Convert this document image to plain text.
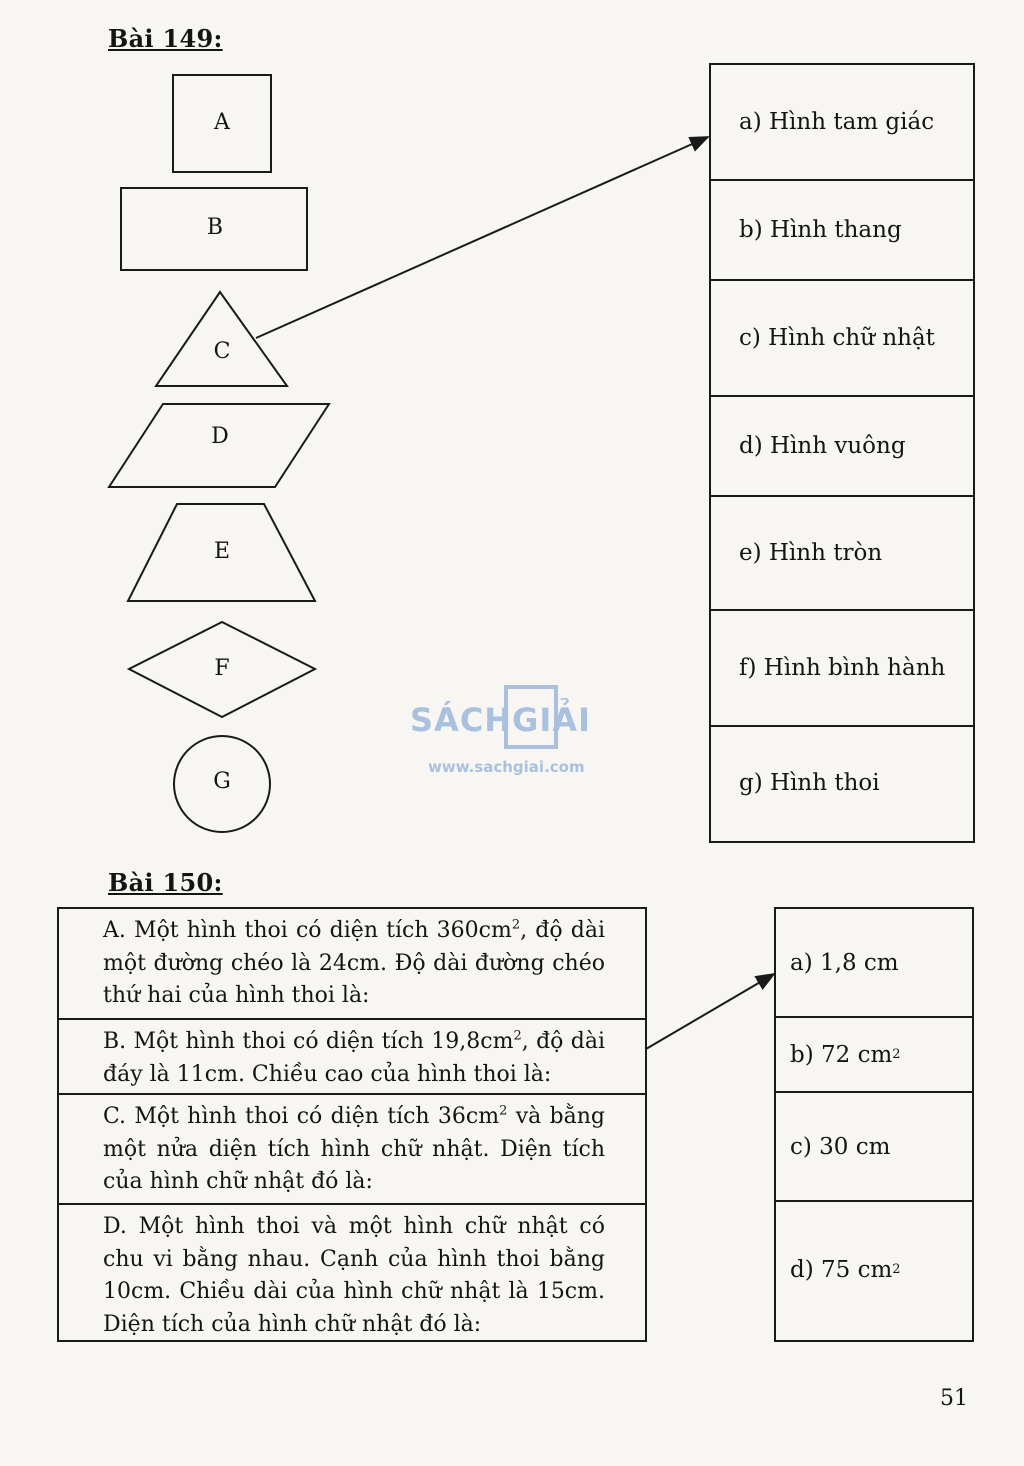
Bài 149:
Bài 150:
A
B
C
D
E
F
G
a) Hình tam giác
b) Hình thang
c) Hình chữ nhật
d) Hình vuông
e) Hình tròn
f) Hình bình hành
g) Hình thoi
A. Một hình thoi có diện tích $360cm^2$, độ dài một đường chéo là 24cm. Độ dài đường chéo thứ hai của hình thoi là:
B. Một hình thoi có diện tích $19,8cm^2$, độ dài đáy là 11cm. Chiều cao của hình thoi là:
C. Một hình thoi có diện tích $36cm^2$ và bằng một nửa diện tích hình chữ nhật. Diện tích của hình chữ nhật đó là:
D. Một hình thoi và một hình chữ nhật có chu vi bằng nhau. Cạnh của hình thoi bằng 10cm. Chiều dài của hình chữ nhật là 15cm. Diện tích của hình chữ nhật đó là:
a) 1,8 cm
b) 72 cm 2
c) 30 cm
d) 75 cm 2
SÁCHGIẢI
www.sachgiai.com
51
